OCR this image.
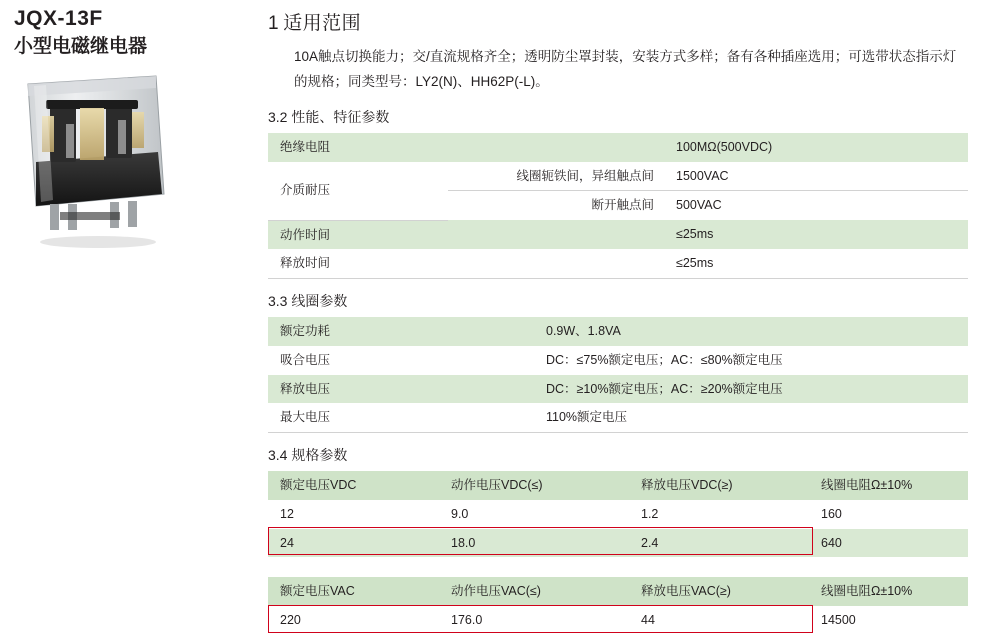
JQX-13F
小型电磁继电器
1 适用范围

10A触点切换能力；交/直流规格齐全；透明防尘罩封装，安装方式多样；备有各种插座选用；可选带状态指示灯的规格；同类型号：LY2(N)、HH62P(-L)。

3.2 性能、特征参数
绝缘电阻		100MΩ(500VDC)
介质耐压	线圈轭铁间，异组触点间	1500VAC
	断开触点间	500VAC
动作时间		≤25ms
释放时间		≤25ms
3.3 线圈参数
额定功耗	0.9W、1.8VA
吸合电压	DC：≤75%额定电压；AC：≤80%额定电压
释放电压	DC：≥10%额定电压；AC：≥20%额定电压
最大电压	110%额定电压
3.4 规格参数
额定电压VDC	动作电压VDC(≤)	释放电压VDC(≥)	线圈电阻Ω±10%
12	9.0	1.2	160
24	18.0	2.4	640
额定电压VAC	动作电压VAC(≤)	释放电压VAC(≥)	线圈电阻Ω±10%
220	176.0	44	14500
